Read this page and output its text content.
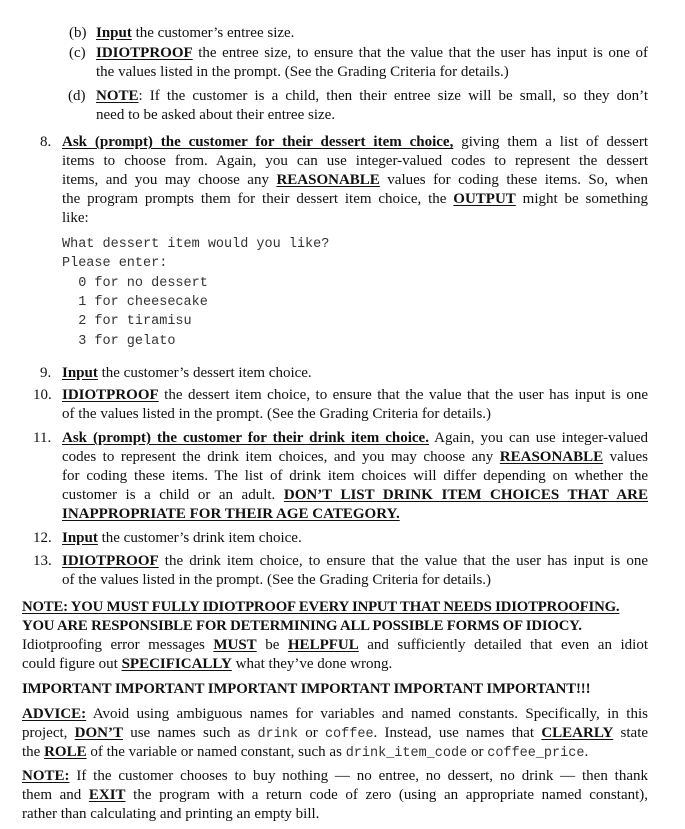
(b) Input the customer’s entree size.
(c) IDIOTPROOF the entree size, to ensure that the value that the user has input is one of
the values listed in the prompt. (See the Grading Criteria for details.)
(d) NOTE: If the customer is a child, then their entree size will be small, so they don’t
need to be asked about their entree size.
8. Ask (prompt) the customer for their dessert item choice, giving them a list of dessert
items to choose from. Again, you can use integer-valued codes to represent the dessert
items, and you may choose any REASONABLE values for coding these items. So, when
the program prompts them for their dessert item choice, the OUTPUT might be something
like:
What dessert item would you like?
Please enter:
0 for no dessert
1 for cheesecake
2 for tiramisu
3 for gelato
9. Input the customer’s dessert item choice.
10. IDIOTPROOF the dessert item choice, to ensure that the value that the user has input is one
of the values listed in the prompt. (See the Grading Criteria for details.)
11. Ask (prompt) the customer for their drink item choice. Again, you can use integer-valued
codes to represent the drink item choices, and you may choose any REASONABLE values
for coding these items. The list of drink item choices will differ depending on whether the
customer is a child or an adult. DON’T LIST DRINK ITEM CHOICES THAT ARE
INAPPROPRIATE FOR THEIR AGE CATEGORY.
12. Input the customer’s drink item choice.
13. IDIOTPROOF the drink item choice, to ensure that the value that the user has input is one
of the values listed in the prompt. (See the Grading Criteria for details.)
NOTE: YOU MUST FULLY IDIOTPROOF EVERY INPUT THAT NEEDS IDIOTPROOFING.
YOU ARE RESPONSIBLE FOR DETERMINING ALL POSSIBLE FORMS OF IDIOCY.
Idiotproofing error messages MUST be HELPFUL and sufficiently detailed that even an idiot
could figure out SPECIFICALLY what they’ve done wrong.
IMPORTANT IMPORTANT IMPORTANT IMPORTANT IMPORTANT IMPORTANT!!!
ADVICE: Avoid using ambiguous names for variables and named constants. Specifically, in this
project, DON’T use names such as drink or coffee. Instead, use names that CLEARLY state
the ROLE of the variable or named constant, such as drink_item_code or coffee_price.
NOTE: If the customer chooses to buy nothing — no entree, no dessert, no drink — then thank
them and EXIT the program with a return code of zero (using an appropriate named constant),
rather than calculating and printing an empty bill.
